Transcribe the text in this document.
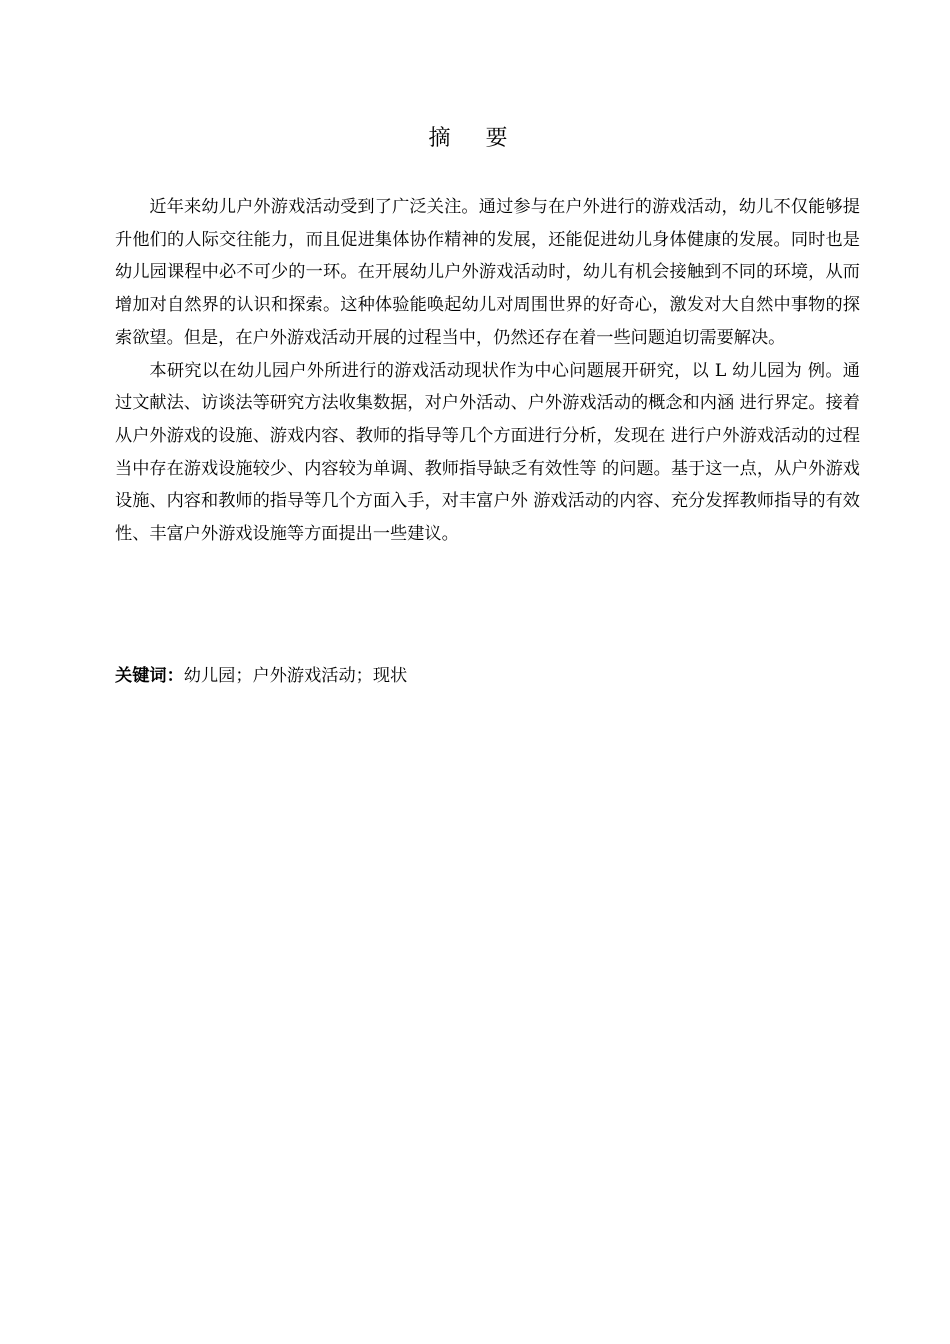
摘 要

近年来幼儿户外游戏活动受到了广泛关注。通过参与在户外进行的游戏活动，幼儿不仅能够提升他们的人际交往能力，而且促进集体协作精神的发展，还能促进幼儿身体健康的发展。同时也是幼儿园课程中必不可少的一环。在开展幼儿户外游戏活动时，幼儿有机会接触到不同的环境，从而增加对自然界的认识和探索。这种体验能唤起幼儿对周围世界的好奇心，激发对大自然中事物的探索欲望。但是，在户外游戏活动开展的过程当中，仍然还存在着一些问题迫切需要解决。

本研究以在幼儿园户外所进行的游戏活动现状作为中心问题展开研究，以 L 幼儿园为 例。通过文献法、访谈法等研究方法收集数据，对户外活动、户外游戏活动的概念和内涵 进行界定。接着从户外游戏的设施、游戏内容、教师的指导等几个方面进行分析，发现在 进行户外游戏活动的过程当中存在游戏设施较少、内容较为单调、教师指导缺乏有效性等 的问题。基于这一点，从户外游戏设施、内容和教师的指导等几个方面入手，对丰富户外 游戏活动的内容、充分发挥教师指导的有效性、丰富户外游戏设施等方面提出一些建议。

关键词：幼儿园；户外游戏活动；现状
